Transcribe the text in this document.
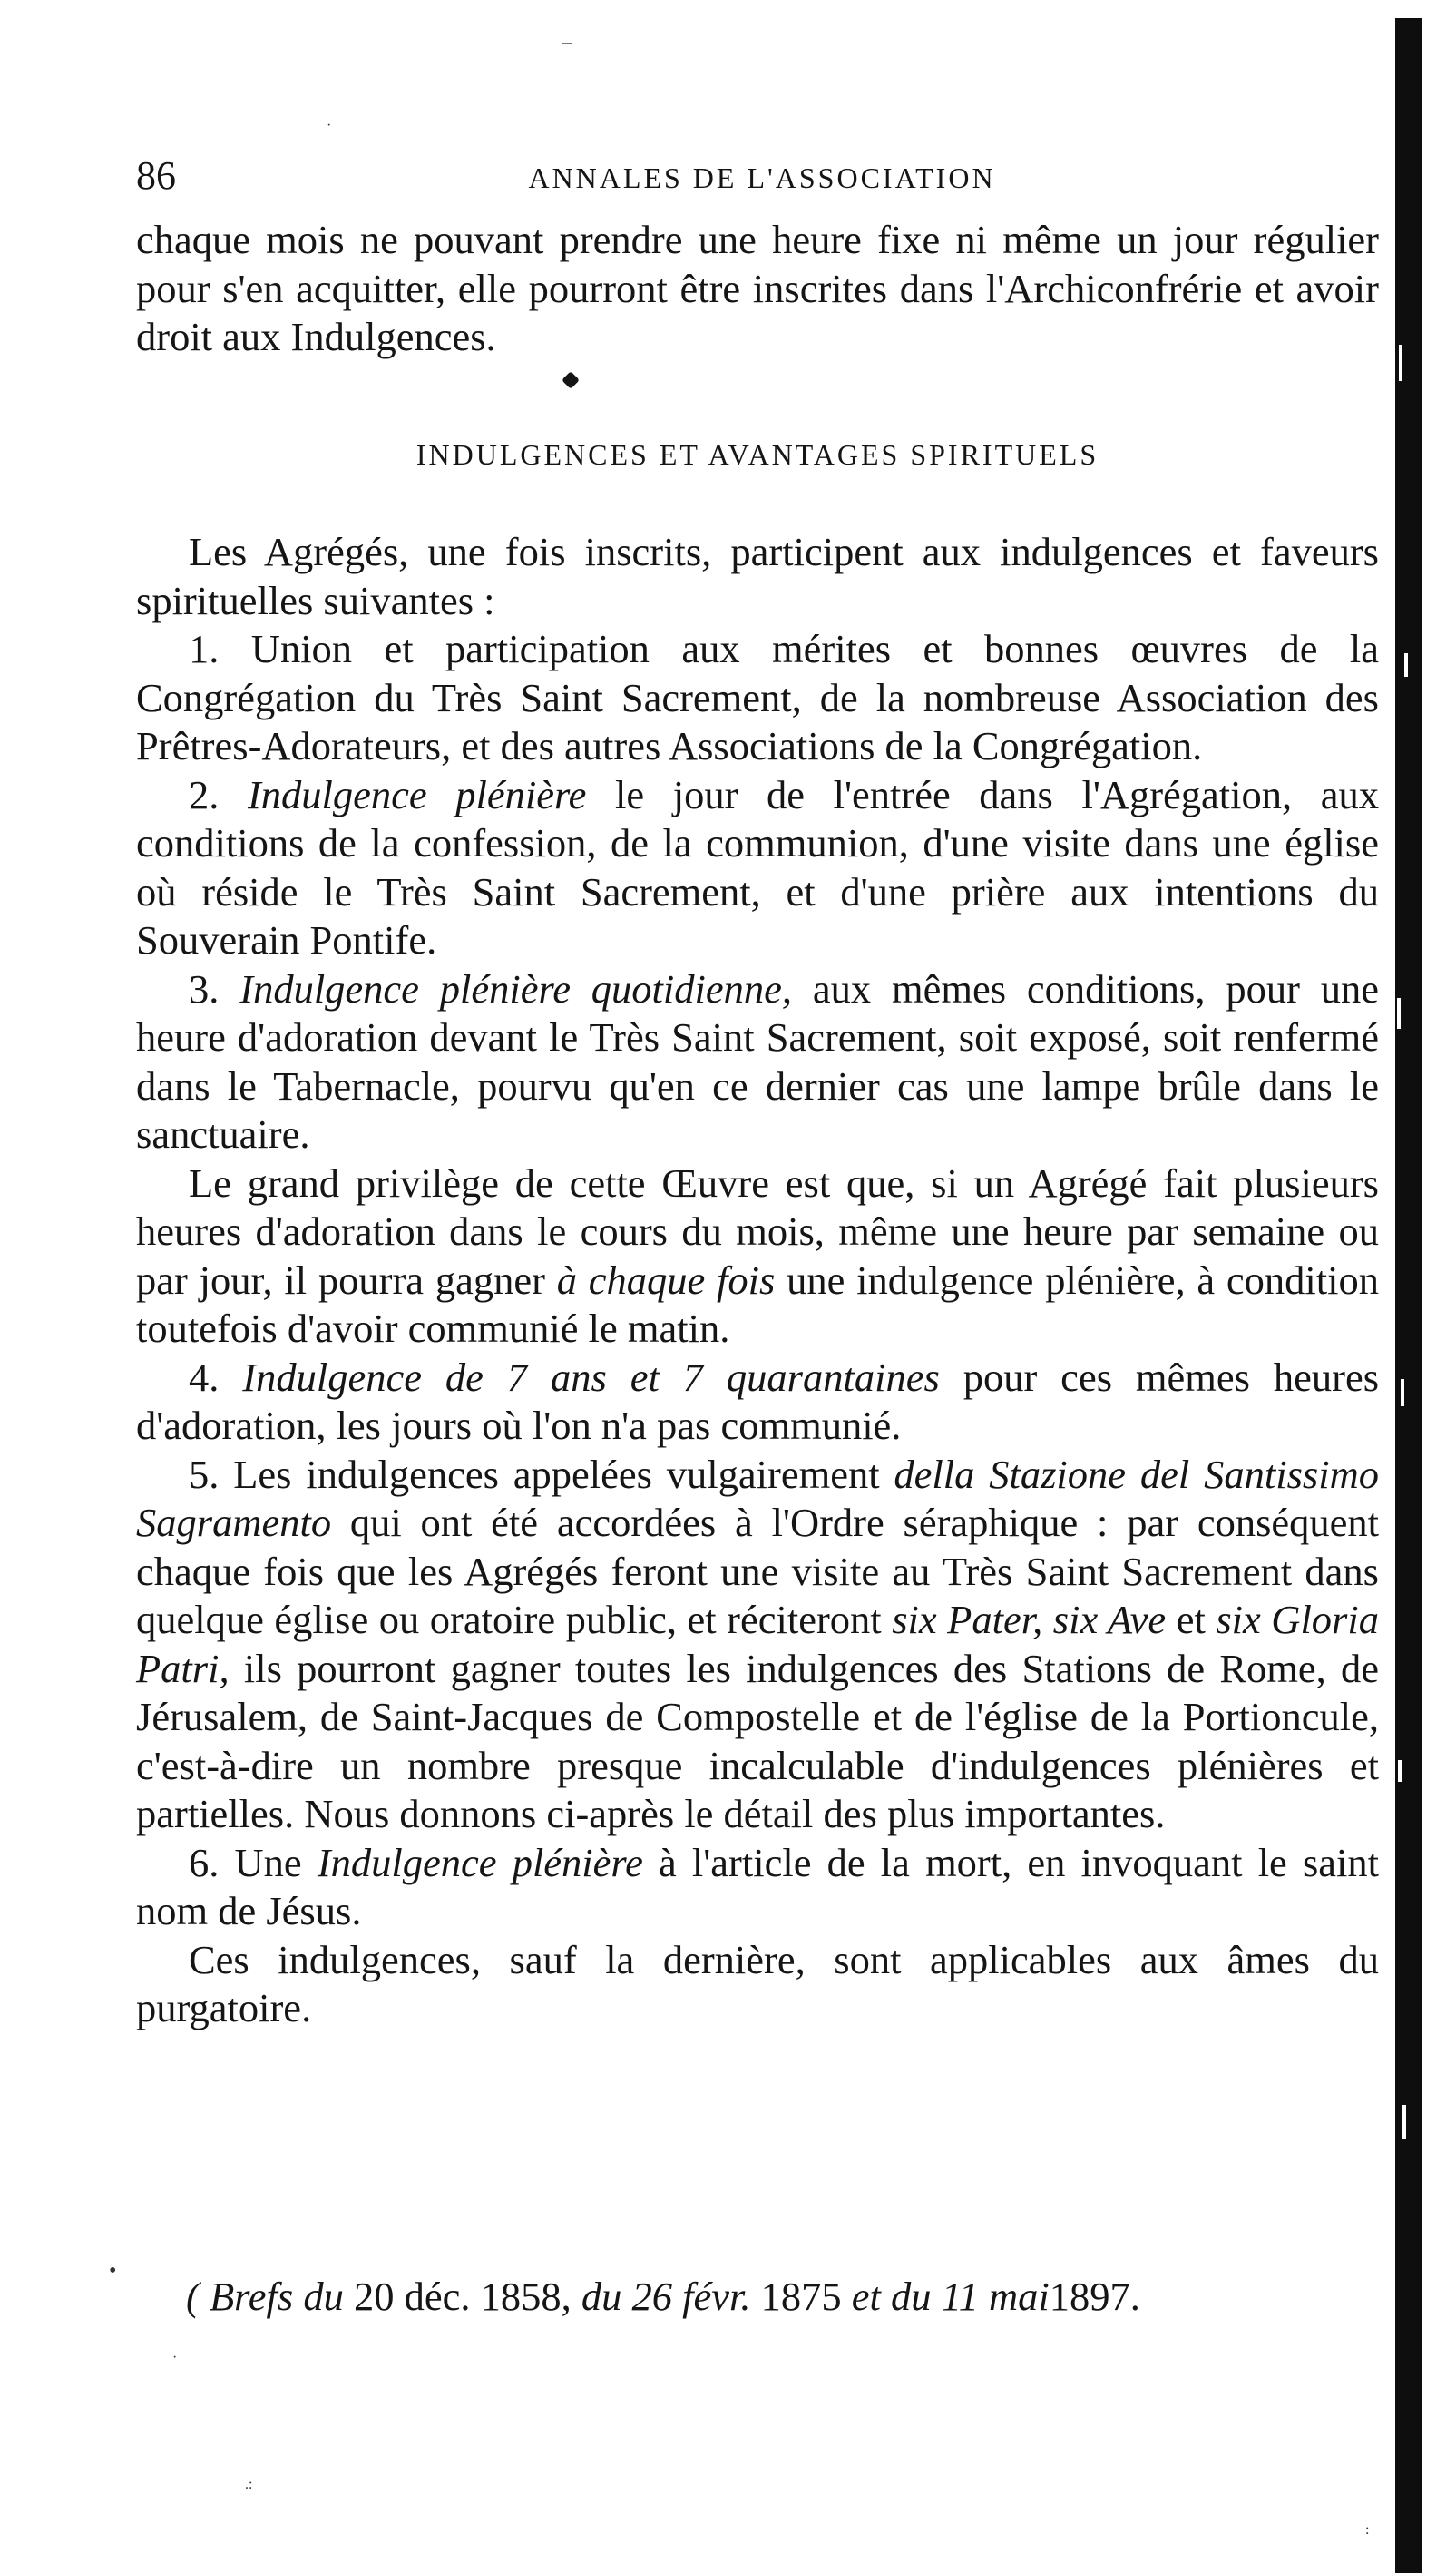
‾
·
86	ANNALES DE L'ASSOCIATION

chaque mois ne pouvant prendre une heure fixe ni même un jour régulier pour s'en acquitter, elle pourront être inscrites dans l'Archiconfrérie et avoir droit aux Indulgences.

INDULGENCES ET AVANTAGES SPIRITUELS

Les Agrégés, une fois inscrits, participent aux indulgences et faveurs spirituelles suivantes :

1. Union et participation aux mérites et bonnes œuvres de la Congrégation du Très Saint Sacrement, de la nombreuse Association des Prêtres-Adorateurs, et des autres Associations de la Congrégation.

2. Indulgence plénière le jour de l'entrée dans l'Agrégation, aux conditions de la confession, de la communion, d'une visite dans une église où réside le Très Saint Sacrement, et d'une prière aux intentions du Souverain Pontife.

3. Indulgence plénière quotidienne, aux mêmes conditions, pour une heure d'adoration devant le Très Saint Sacrement, soit exposé, soit renfermé dans le Tabernacle, pourvu qu'en ce dernier cas une lampe brûle dans le sanctuaire.

Le grand privilège de cette Œuvre est que, si un Agrégé fait plusieurs heures d'adoration dans le cours du mois, même une heure par semaine ou par jour, il pourra gagner à chaque fois une indulgence plénière, à condition toutefois d'avoir communié le matin.

4. Indulgence de 7 ans et 7 quarantaines pour ces mêmes heures d'adoration, les jours où l'on n'a pas communié.

5. Les indulgences appelées vulgairement della Stazione del Santissimo Sagramento qui ont été accordées à l'Ordre séraphique : par conséquent chaque fois que les Agrégés feront une visite au Très Saint Sacrement dans quelque église ou oratoire public, et réciteront six Pater, six Ave et six Gloria Patri, ils pourront gagner toutes les indulgences des Stations de Rome, de Jérusalem, de Saint-Jacques de Compostelle et de l'église de la Portioncule, c'est-à-dire un nombre presque incalculable d'indulgences plénières et partielles. Nous donnons ci-après le détail des plus importantes.

6. Une Indulgence plénière à l'article de la mort, en invoquant le saint nom de Jésus.

Ces indulgences, sauf la dernière, sont applicables aux âmes du purgatoire.

( Brefs du 20 déc. 1858, du 26 févr. 1875 et du 11 mai1897.
•
·
.:
:
